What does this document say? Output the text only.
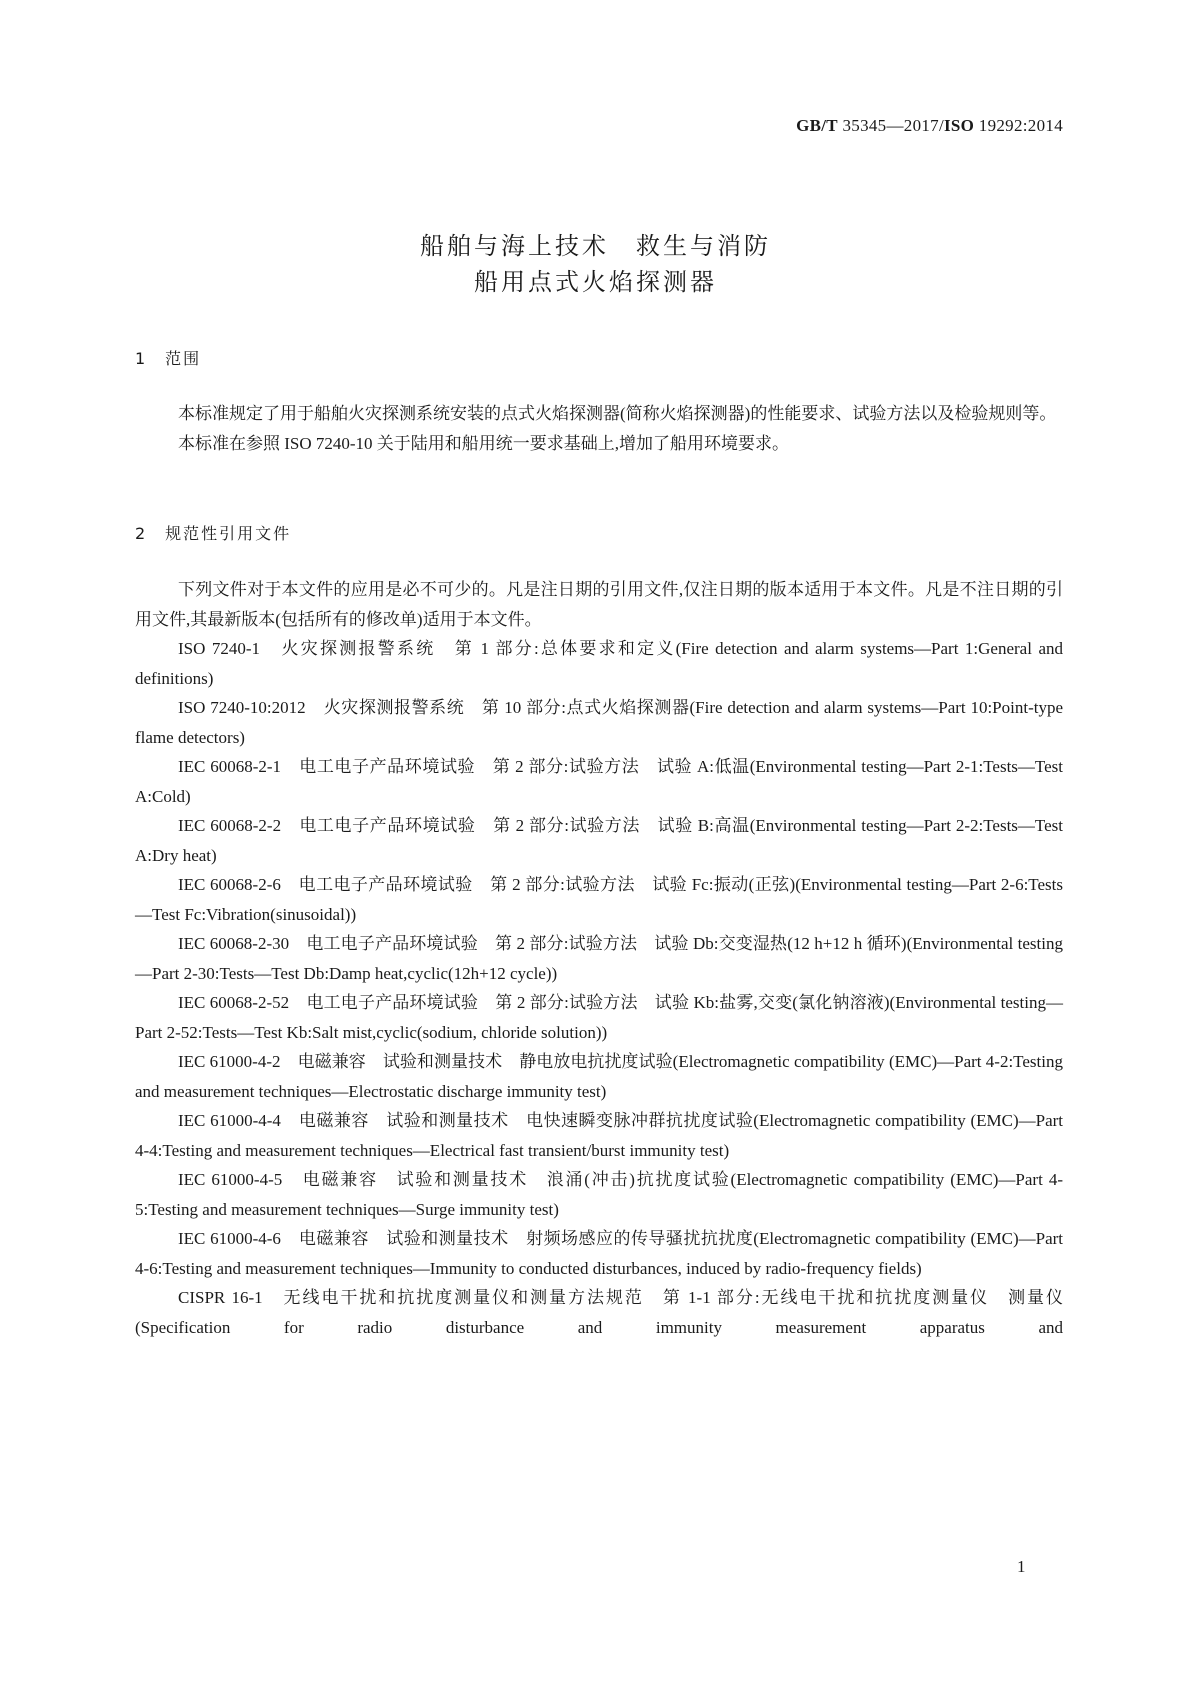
GB/T 35345—2017/ISO 19292:2014
船舶与海上技术　救生与消防
船用点式火焰探测器
1　范围

本标准规定了用于船舶火灾探测系统安装的点式火焰探测器(简称火焰探测器)的性能要求、试验方法以及检验规则等。

本标准在参照 ISO 7240-10 关于陆用和船用统一要求基础上,增加了船用环境要求。

2　规范性引用文件

下列文件对于本文件的应用是必不可少的。凡是注日期的引用文件,仅注日期的版本适用于本文件。凡是不注日期的引用文件,其最新版本(包括所有的修改单)适用于本文件。

ISO 7240-1　火灾探测报警系统　第 1 部分:总体要求和定义(Fire detection and alarm systems—Part 1:General and definitions)

ISO 7240-10:2012　火灾探测报警系统　第 10 部分:点式火焰探测器(Fire detection and alarm systems—Part 10:Point-type flame detectors)

IEC 60068-2-1　电工电子产品环境试验　第 2 部分:试验方法　试验 A:低温(Environmental testing—Part 2-1:Tests—Test A:Cold)

IEC 60068-2-2　电工电子产品环境试验　第 2 部分:试验方法　试验 B:高温(Environmental testing—Part 2-2:Tests—Test A:Dry heat)

IEC 60068-2-6　电工电子产品环境试验　第 2 部分:试验方法　试验 Fc:振动(正弦)(Environmental testing—Part 2-6:Tests—Test Fc:Vibration(sinusoidal))

IEC 60068-2-30　电工电子产品环境试验　第 2 部分:试验方法　试验 Db:交变湿热(12 h+12 h 循环)(Environmental testing—Part 2-30:Tests—Test Db:Damp heat,cyclic(12h+12 cycle))

IEC 60068-2-52　电工电子产品环境试验　第 2 部分:试验方法　试验 Kb:盐雾,交变(氯化钠溶液)(Environmental testing—Part 2-52:Tests—Test Kb:Salt mist,cyclic(sodium, chloride solution))

IEC 61000-4-2　电磁兼容　试验和测量技术　静电放电抗扰度试验(Electromagnetic compatibility (EMC)—Part 4-2:Testing and measurement techniques—Electrostatic discharge immunity test)

IEC 61000-4-4　电磁兼容　试验和测量技术　电快速瞬变脉冲群抗扰度试验(Electromagnetic compatibility (EMC)—Part 4-4:Testing and measurement techniques—Electrical fast transient/burst immunity test)

IEC 61000-4-5　电磁兼容　试验和测量技术　浪涌(冲击)抗扰度试验(Electromagnetic compatibility (EMC)—Part 4-5:Testing and measurement techniques—Surge immunity test)

IEC 61000-4-6　电磁兼容　试验和测量技术　射频场感应的传导骚扰抗扰度(Electromagnetic compatibility (EMC)—Part 4-6:Testing and measurement techniques—Immunity to conducted disturbances, induced by radio-frequency fields)

CISPR 16-1　无线电干扰和抗扰度测量仪和测量方法规范　第 1-1 部分:无线电干扰和抗扰度测量仪　测量仪(Specification for radio disturbance and immunity measurement apparatus and

1
